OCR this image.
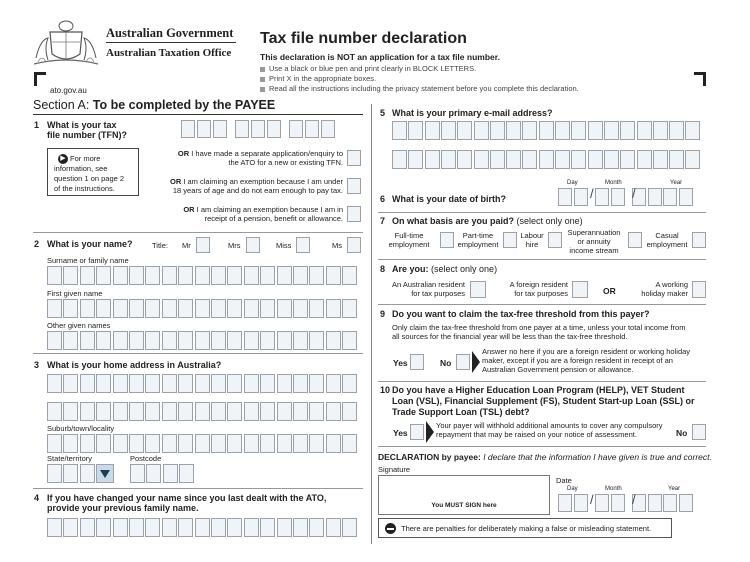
Australian Government
Australian Taxation Office
ato.gov.au
Tax file number declaration
This declaration is NOT an application for a tax file number.
Use a black or blue pen and print clearly in BLOCK LETTERS.
Print X in the appropriate boxes.
Read all the instructions including the privacy statement before you complete this declaration.
Section A: To be completed by the PAYEE
1 What is your tax
file number (TFN)?
▶ For more
information, see
question 1 on page 2
of the instructions.
OR I have made a separate application/enquiry to
the ATO for a new or existing TFN.
OR I am claiming an exemption because I am under
18 years of age and do not earn enough to pay tax.
OR I am claiming an exemption because I am in
receipt of a pension, benefit or allowance.
2 What is your name?	Title: Mr	Mrs	Miss	Ms
Surname or family name
First given name
Other given names
3 What is your home address in Australia?
Suburb/town/locality
State/territory	Postcode
4 If you have changed your name since you last dealt with the ATO,
provide your previous family name.
5 What is your primary e-mail address?
6 What is your date of birth?
Day	Month	Year
/	/
7 On what basis are you paid? (select only one)
Full-time
employment
Part-time
employment
Labour
hire
Superannuation
or annuity
income stream
Casual
employment
8 Are you: (select only one)
An Australian resident
for tax purposes
A foreign resident
for tax purposes	OR
A working
holiday maker
9 Do you want to claim the tax-free threshold from this payer?
Only claim the tax-free threshold from one payer at a time, unless your total income from
all sources for the financial year will be less than the tax-free threshold.
Yes	No
Answer no here if you are a foreign resident or working holiday
maker, except if you are a foreign resident in receipt of an
Australian Government pension or allowance.
10 Do you have a Higher Education Loan Program (HELP), VET Student
Loan (VSL), Financial Supplement (FS), Student Start-up Loan (SSL) or
Trade Support Loan (TSL) debt?
Yes
Your payer will withhold additional amounts to cover any compulsory
repayment that may be raised on your notice of assessment.	No
DECLARATION by payee: I declare that the information I have given is true and correct.
Signature
You MUST SIGN here
Date
Day	Month	Year
/	/
There are penalties for deliberately making a false or misleading statement.
